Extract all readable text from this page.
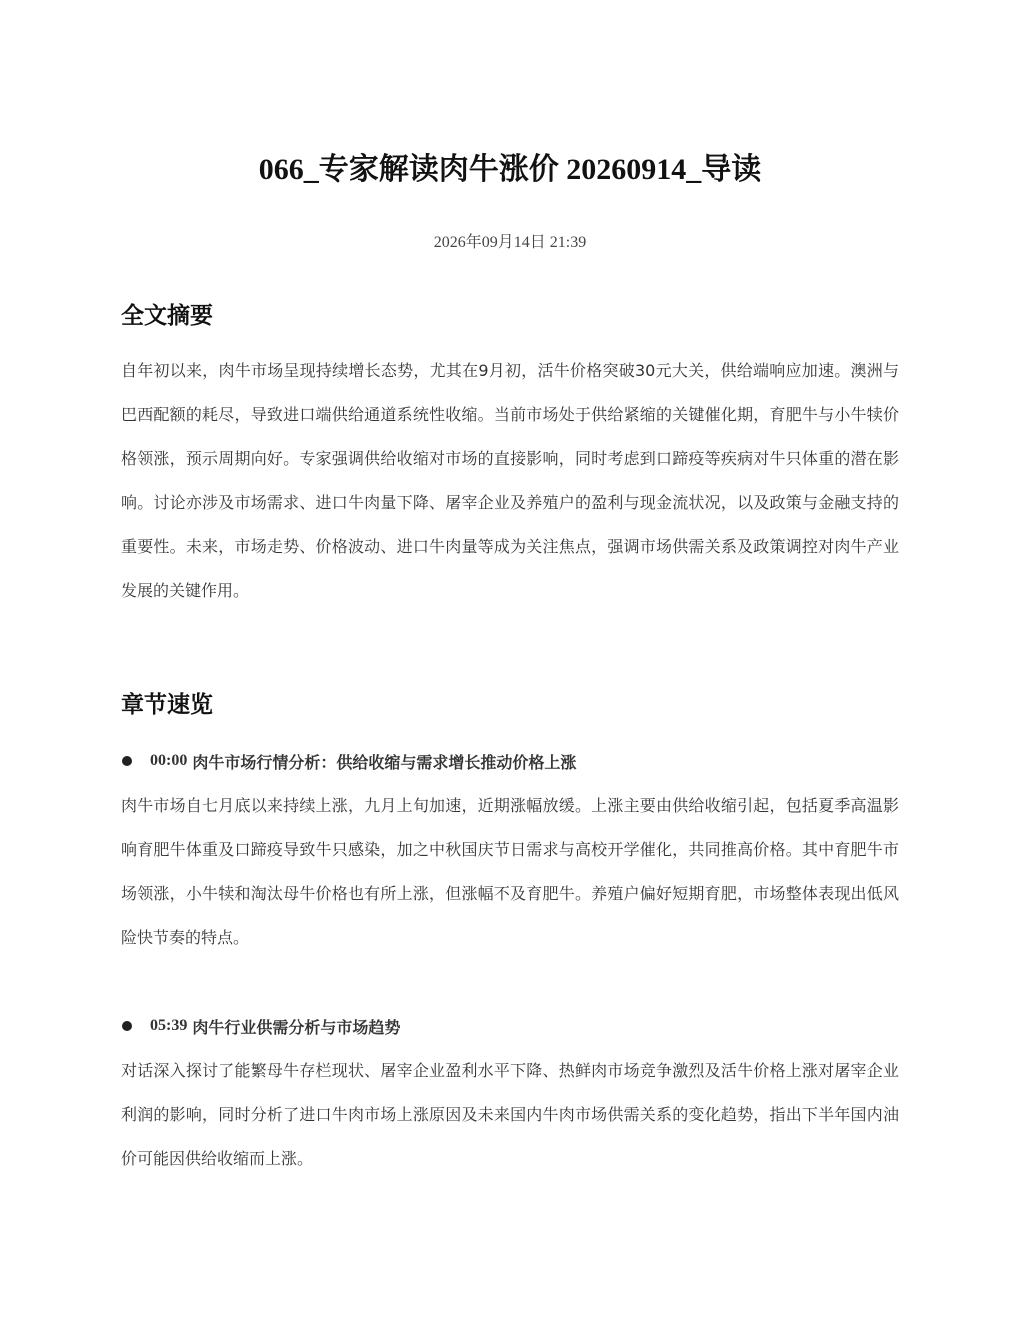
066_专家解读肉牛涨价 20260914_导读
2026年09月14日 21:39
全文摘要

自年初以来，肉牛市场呈现持续增长态势，尤其在9月初，活牛价格突破30元大关，供给端响应加速。澳洲与巴西配额的耗尽，导致进口端供给通道系统性收缩。当前市场处于供给紧缩的关键催化期，育肥牛与小牛犊价格领涨，预示周期向好。专家强调供给收缩对市场的直接影响，同时考虑到口蹄疫等疾病对牛只体重的潜在影响。讨论亦涉及市场需求、进口牛肉量下降、屠宰企业及养殖户的盈利与现金流状况，以及政策与金融支持的重要性。未来，市场走势、价格波动、进口牛肉量等成为关注焦点，强调市场供需关系及政策调控对肉牛产业发展的关键作用。

章节速览
00:00 肉牛市场行情分析：供给收缩与需求增长推动价格上涨

肉牛市场自七月底以来持续上涨，九月上旬加速，近期涨幅放缓。上涨主要由供给收缩引起，包括夏季高温影响育肥牛体重及口蹄疫导致牛只感染，加之中秋国庆节日需求与高校开学催化，共同推高价格。其中育肥牛市场领涨，小牛犊和淘汰母牛价格也有所上涨，但涨幅不及育肥牛。养殖户偏好短期育肥，市场整体表现出低风险快节奏的特点。

05:39 肉牛行业供需分析与市场趋势

对话深入探讨了能繁母牛存栏现状、屠宰企业盈利水平下降、热鲜肉市场竞争激烈及活牛价格上涨对屠宰企业利润的影响，同时分析了进口牛肉市场上涨原因及未来国内牛肉市场供需关系的变化趋势，指出下半年国内油价可能因供给收缩而上涨。
